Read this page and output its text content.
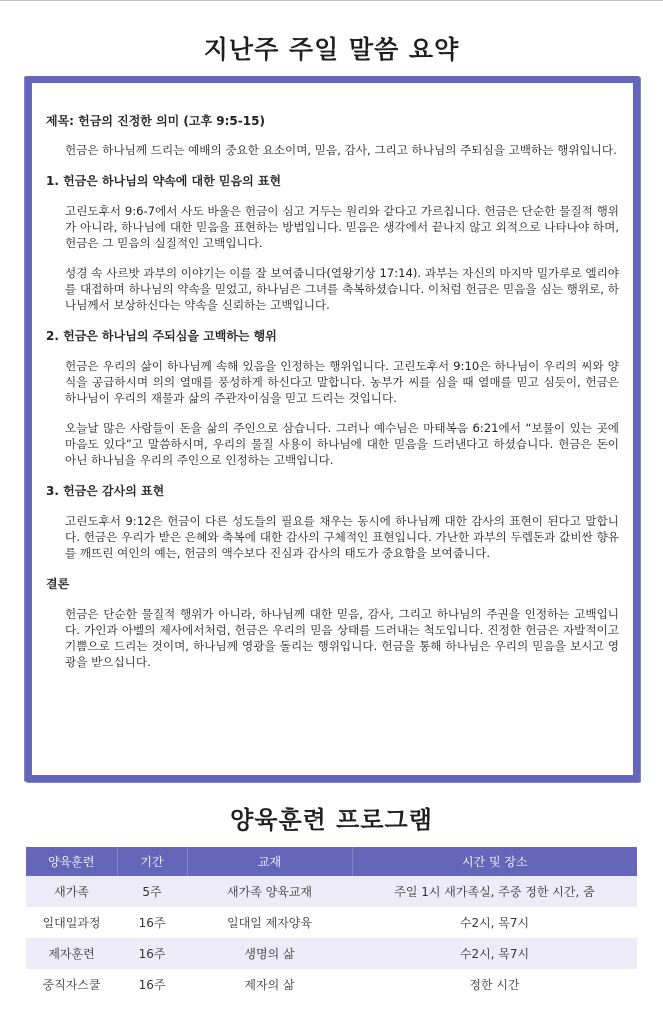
지난주 주일 말씀 요약

제목: 헌금의 진정한 의미 (고후 9:5-15)

헌금은 하나님께 드리는 예배의 중요한 요소이며, 믿음, 감사, 그리고 하나님의 주되심을 고백하는 행위입니다.

1. 헌금은 하나님의 약속에 대한 믿음의 표현

고린도후서 9:6-7에서 사도 바울은 헌금이 심고 거두는 원리와 같다고 가르칩니다. 헌금은 단순한 물질적 행위가 아니라, 하나님에 대한 믿음을 표현하는 방법입니다. 믿음은 생각에서 끝나지 않고 외적으로 나타나야 하며, 헌금은 그 믿음의 실질적인 고백입니다.

성경 속 사르밧 과부의 이야기는 이를 잘 보여줍니다(열왕기상 17:14). 과부는 자신의 마지막 밀가루로 엘리야를 대접하며 하나님의 약속을 믿었고, 하나님은 그녀를 축복하셨습니다. 이처럼 헌금은 믿음을 심는 행위로, 하나님께서 보상하신다는 약속을 신뢰하는 고백입니다.

2. 헌금은 하나님의 주되심을 고백하는 행위

헌금은 우리의 삶이 하나님께 속해 있음을 인정하는 행위입니다. 고린도후서 9:10은 하나님이 우리의 씨와 양식을 공급하시며 의의 열매를 풍성하게 하신다고 말합니다. 농부가 씨를 심을 때 열매를 믿고 심듯이, 헌금은 하나님이 우리의 재물과 삶의 주관자이심을 믿고 드리는 것입니다.

오늘날 많은 사람들이 돈을 삶의 주인으로 삼습니다. 그러나 예수님은 마태복음 6:21에서 “보물이 있는 곳에 마음도 있다”고 말씀하시며, 우리의 물질 사용이 하나님에 대한 믿음을 드러낸다고 하셨습니다. 헌금은 돈이 아닌 하나님을 우리의 주인으로 인정하는 고백입니다.

3. 헌금은 감사의 표현

고린도후서 9:12은 헌금이 다른 성도들의 필요를 채우는 동시에 하나님께 대한 감사의 표현이 된다고 말합니다. 헌금은 우리가 받은 은혜와 축복에 대한 감사의 구체적인 표현입니다. 가난한 과부의 두렙돈과 값비싼 향유를 깨뜨린 여인의 예는, 헌금의 액수보다 진심과 감사의 태도가 중요함을 보여줍니다.

결론

헌금은 단순한 물질적 행위가 아니라, 하나님께 대한 믿음, 감사, 그리고 하나님의 주권을 인정하는 고백입니다. 가인과 아벨의 제사에서처럼, 헌금은 우리의 믿음 상태를 드러내는 척도입니다. 진정한 헌금은 자발적이고 기쁨으로 드리는 것이며, 하나님께 영광을 돌리는 행위입니다. 헌금을 통해 하나님은 우리의 믿음을 보시고 영광을 받으십니다.

양육훈련 프로그램
양육훈련	기간	교재	시간 및 장소
새가족	5주	새가족 양육교재	주일 1시 새가족실, 주중 정한 시간, 줌
일대일과정	16주	일대일 제자양육	수2시, 목7시
제자훈련	16주	생명의 삶	수2시, 목7시
중직자스쿨	16주	제자의 삶	정한 시간
